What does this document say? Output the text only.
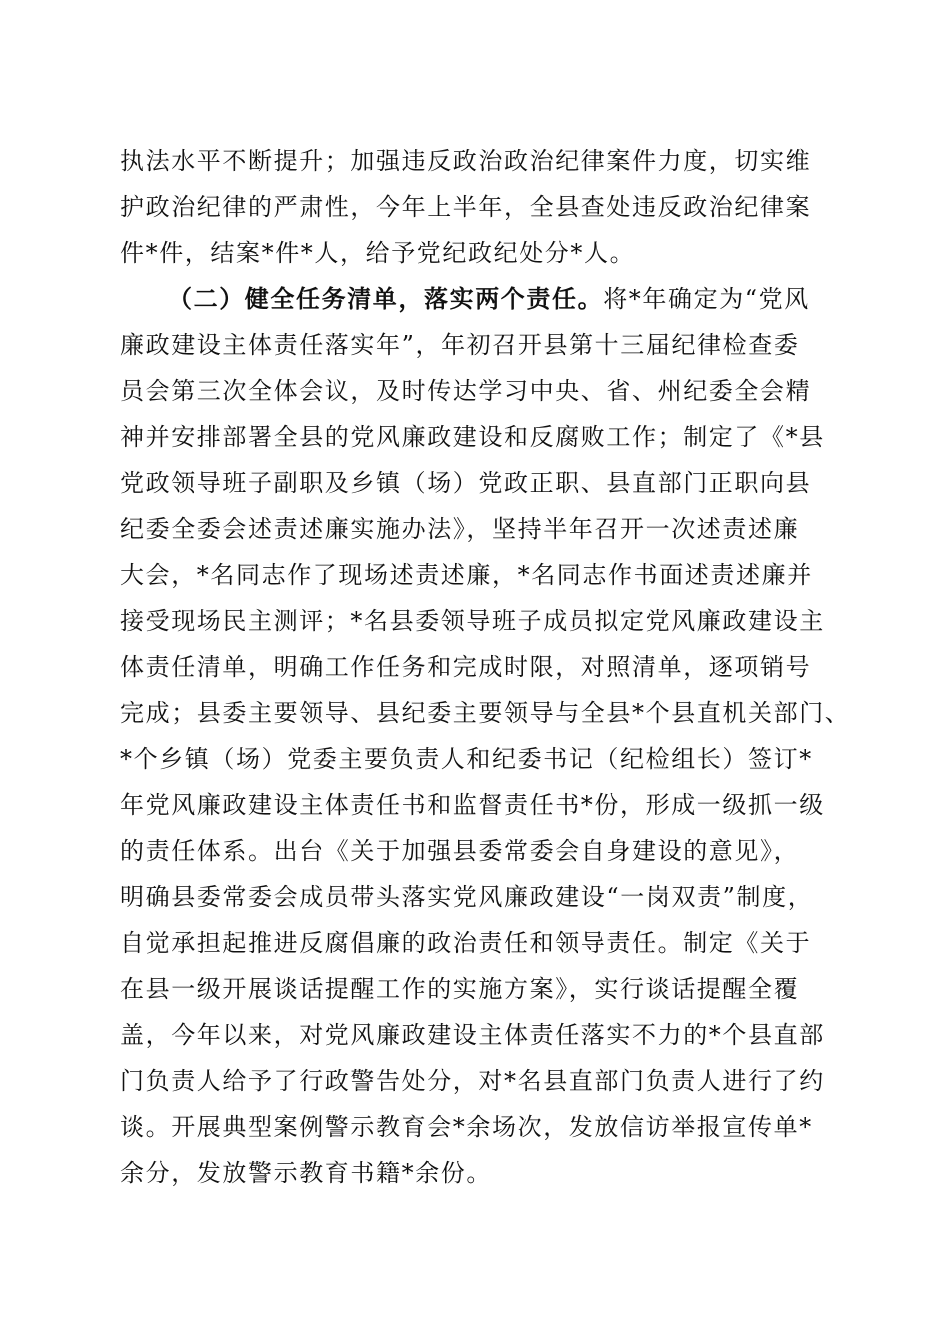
执法水平不断提升；加强违反政治政治纪律案件力度，切实维
护政治纪律的严肃性，今年上半年，全县查处违反政治纪律案
件*件，结案*件*人，给予党纪政纪处分*人。
（二）健全任务清单，落实两个责任。将*年确定为“党风
廉政建设主体责任落实年”，年初召开县第十三届纪律检查委
员会第三次全体会议，及时传达学习中央、省、州纪委全会精
神并安排部署全县的党风廉政建设和反腐败工作；制定了《*县
党政领导班子副职及乡镇（场）党政正职、县直部门正职向县
纪委全委会述责述廉实施办法》，坚持半年召开一次述责述廉
大会，*名同志作了现场述责述廉，*名同志作书面述责述廉并
接受现场民主测评；*名县委领导班子成员拟定党风廉政建设主
体责任清单，明确工作任务和完成时限，对照清单，逐项销号
完成；县委主要领导、县纪委主要领导与全县*个县直机关部门、
*个乡镇（场）党委主要负责人和纪委书记（纪检组长）签订*
年党风廉政建设主体责任书和监督责任书*份，形成一级抓一级
的责任体系。出台《关于加强县委常委会自身建设的意见》，
明确县委常委会成员带头落实党风廉政建设“一岗双责”制度，
自觉承担起推进反腐倡廉的政治责任和领导责任。制定《关于
在县一级开展谈话提醒工作的实施方案》，实行谈话提醒全覆
盖，今年以来，对党风廉政建设主体责任落实不力的*个县直部
门负责人给予了行政警告处分，对*名县直部门负责人进行了约
谈。开展典型案例警示教育会*余场次，发放信访举报宣传单*
余分，发放警示教育书籍*余份。
